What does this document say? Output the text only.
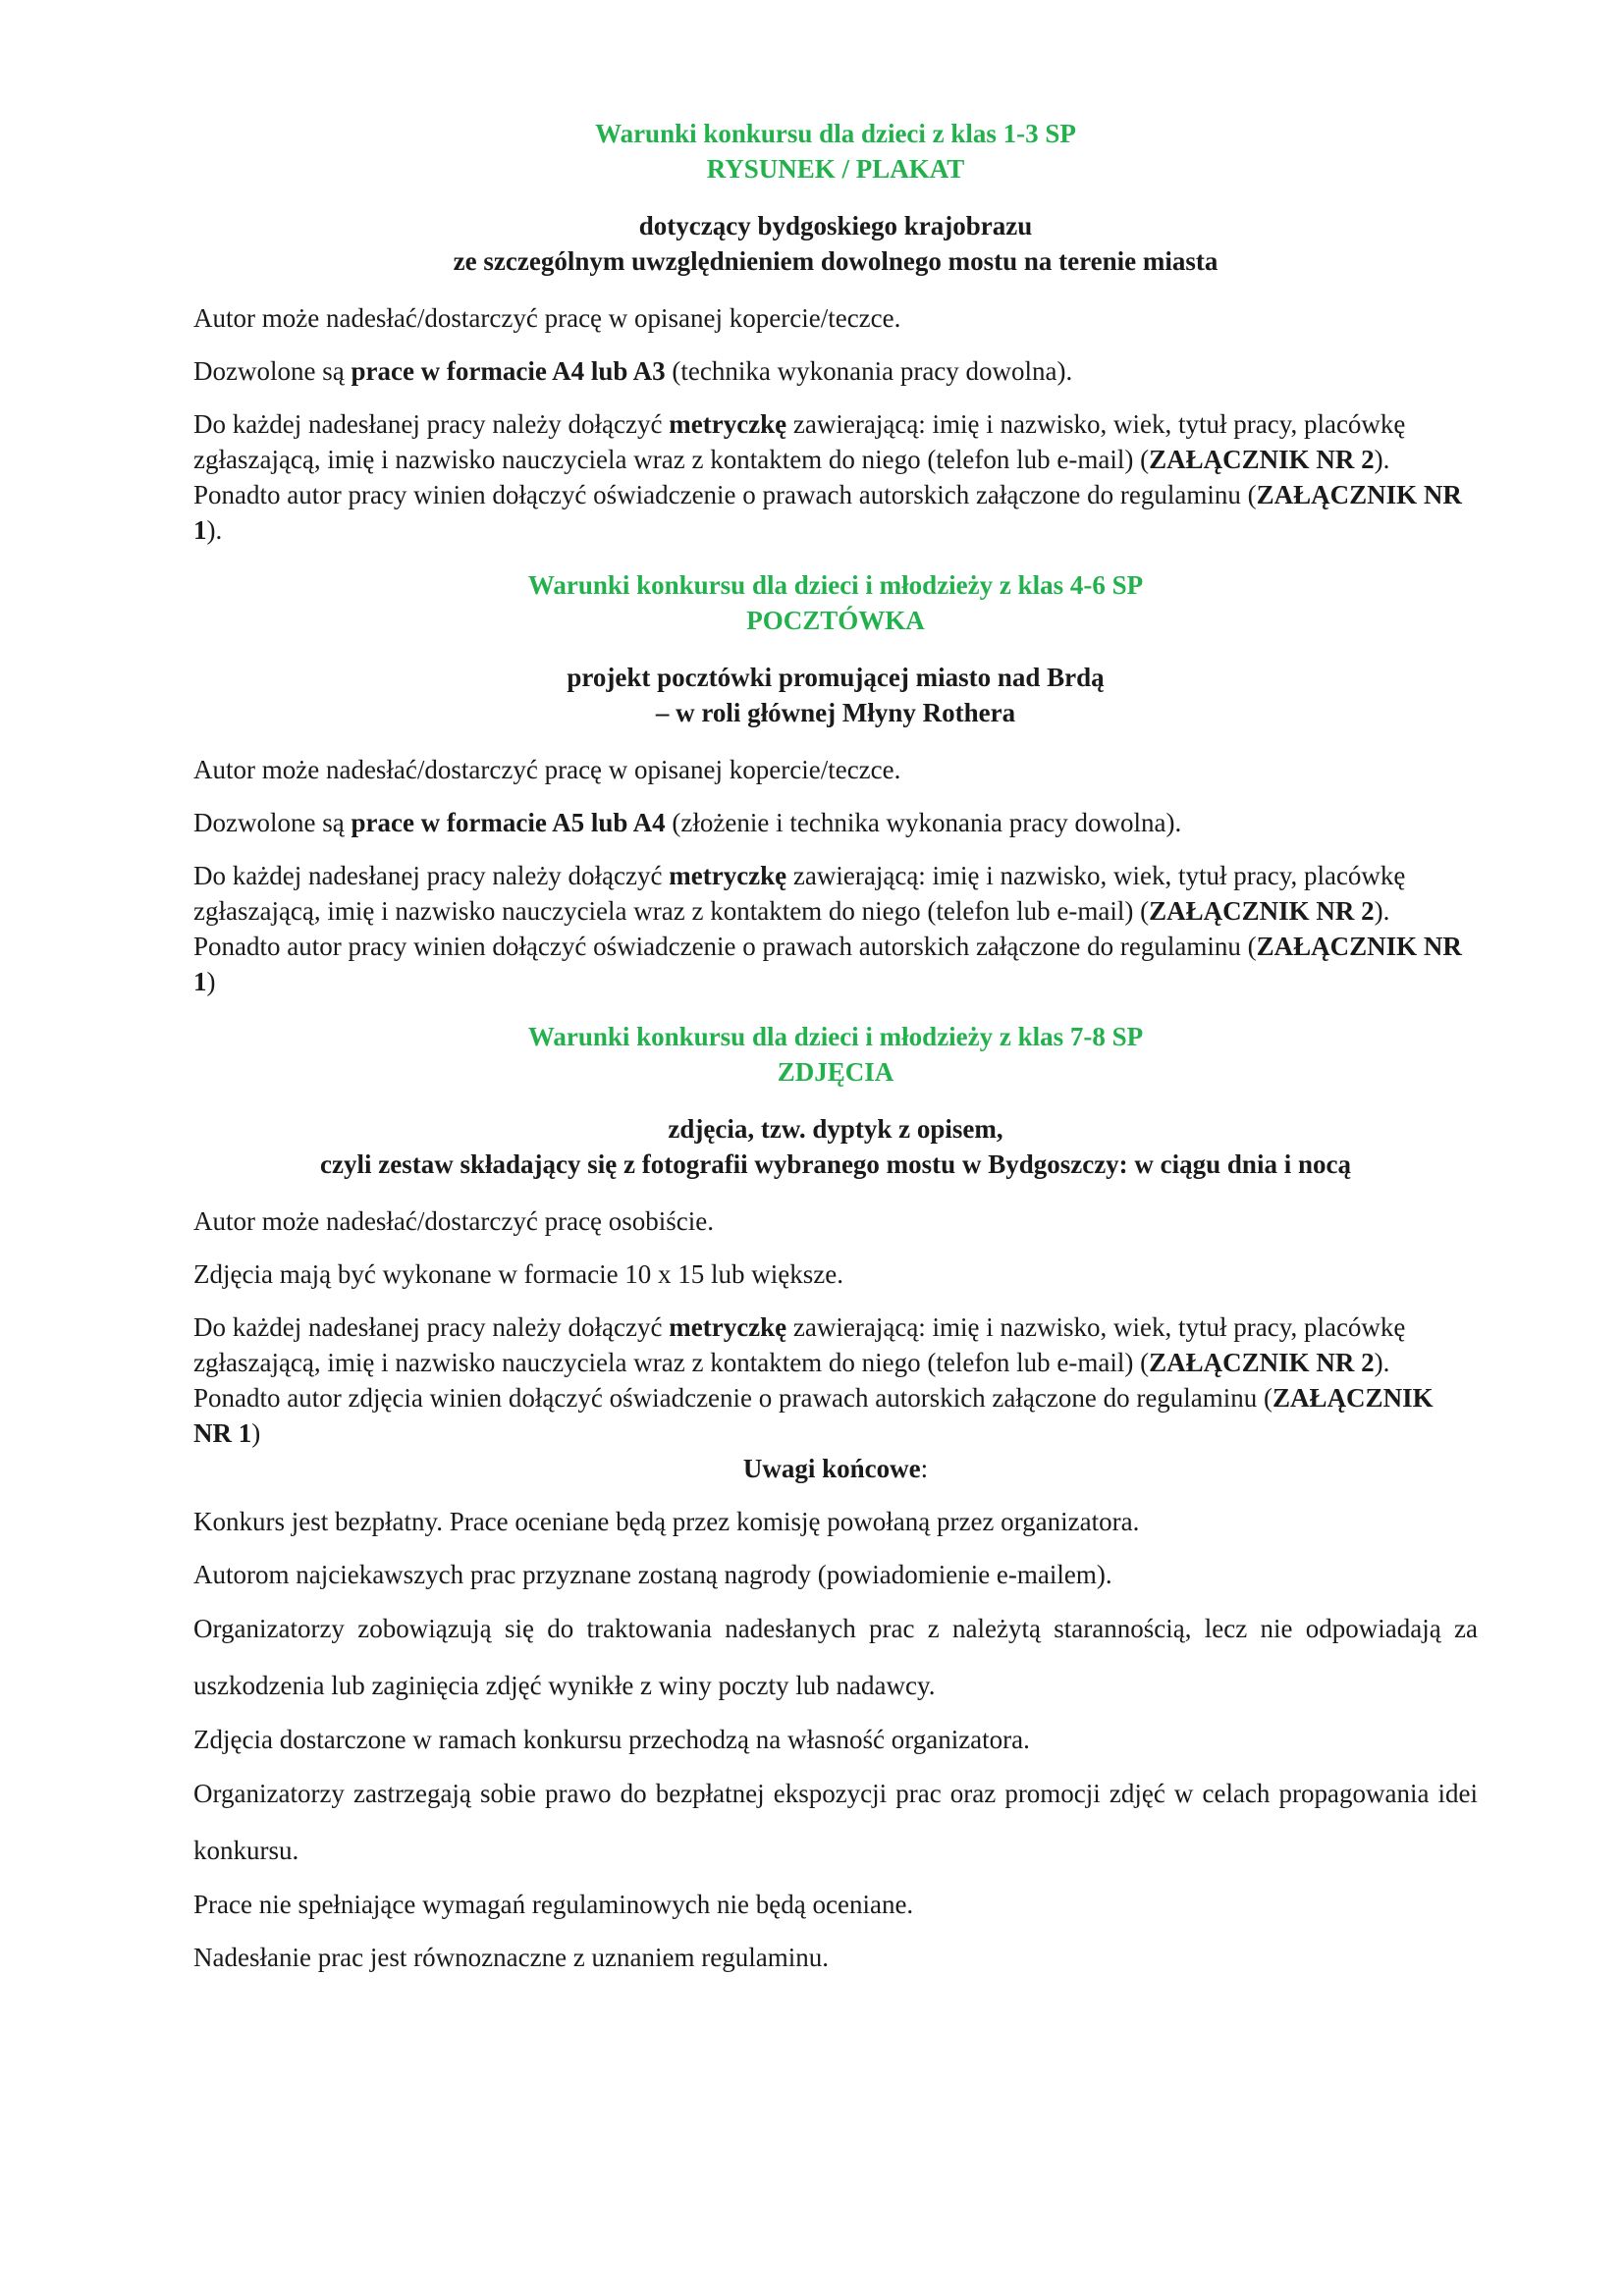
Warunki konkursu dla dzieci z klas 1-3 SP
RYSUNEK / PLAKAT
dotyczący bydgoskiego krajobrazu
ze szczególnym uwzględnieniem dowolnego mostu na terenie miasta

Autor może nadesłać/dostarczyć pracę w opisanej kopercie/teczce.

Dozwolone są prace w formacie A4 lub A3 (technika wykonania pracy dowolna).

Do każdej nadesłanej pracy należy dołączyć metryczkę zawierającą: imię i nazwisko, wiek, tytuł pracy, placówkę zgłaszającą, imię i nazwisko nauczyciela wraz z kontaktem do niego (telefon lub e-mail) (ZAŁĄCZNIK NR 2).

Ponadto autor pracy winien dołączyć oświadczenie o prawach autorskich załączone do regulaminu (ZAŁĄCZNIK NR 1).

Warunki konkursu dla dzieci i młodzieży z klas 4-6 SP
POCZTÓWKA
projekt pocztówki promującej miasto nad Brdą
– w roli głównej Młyny Rothera

Autor może nadesłać/dostarczyć pracę w opisanej kopercie/teczce.

Dozwolone są prace w formacie A5 lub A4 (złożenie i technika wykonania pracy dowolna).

Do każdej nadesłanej pracy należy dołączyć metryczkę zawierającą: imię i nazwisko, wiek, tytuł pracy, placówkę zgłaszającą, imię i nazwisko nauczyciela wraz z kontaktem do niego (telefon lub e-mail) (ZAŁĄCZNIK NR 2).

Ponadto autor pracy winien dołączyć oświadczenie o prawach autorskich załączone do regulaminu (ZAŁĄCZNIK NR 1)

Warunki konkursu dla dzieci i młodzieży z klas 7-8 SP
ZDJĘCIA
zdjęcia, tzw. dyptyk z opisem,
czyli zestaw składający się z fotografii wybranego mostu w Bydgoszczy: w ciągu dnia i nocą

Autor może nadesłać/dostarczyć pracę osobiście.

Zdjęcia mają być wykonane w formacie 10 x 15 lub większe.

Do każdej nadesłanej pracy należy dołączyć metryczkę zawierającą: imię i nazwisko, wiek, tytuł pracy, placówkę zgłaszającą, imię i nazwisko nauczyciela wraz z kontaktem do niego (telefon lub e-mail) (ZAŁĄCZNIK NR 2).

Ponadto autor zdjęcia winien dołączyć oświadczenie o prawach autorskich załączone do regulaminu (ZAŁĄCZNIK NR 1)

Uwagi końcowe:

Konkurs jest bezpłatny. Prace oceniane będą przez komisję powołaną przez organizatora.

Autorom najciekawszych prac przyznane zostaną nagrody (powiadomienie e-mailem).

Organizatorzy zobowiązują się do traktowania nadesłanych prac z należytą starannością, lecz nie odpowiadają za uszkodzenia lub zaginięcia zdjęć wynikłe z winy poczty lub nadawcy.

Zdjęcia dostarczone w ramach konkursu przechodzą na własność organizatora.

Organizatorzy zastrzegają sobie prawo do bezpłatnej ekspozycji prac oraz promocji zdjęć w celach propagowania idei konkursu.

Prace nie spełniające wymagań regulaminowych nie będą oceniane.

Nadesłanie prac jest równoznaczne z uznaniem regulaminu.
